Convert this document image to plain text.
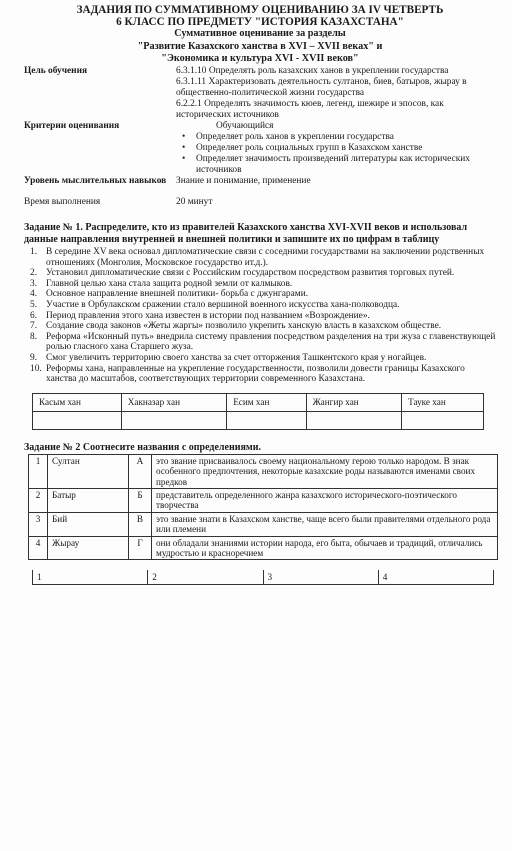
ЗАДАНИЯ ПО СУММАТИВНОМУ ОЦЕНИВАНИЮ ЗА IV ЧЕТВЕРТЬ
6 КЛАСС ПО ПРЕДМЕТУ "ИСТОРИЯ КАЗАХСТАНА"
Суммативное оценивание за разделы
"Развитие Казахского ханства в XVI – XVII веках" и
"Экономика и культура XVI - XVII веков"
Цель обучения	6.3.1.10 Определять роль казахских ханов в укреплении государства

6.3.1.11 Характеризовать деятельность султанов, биев, батыров, жырау в общественно-политической жизни государства

6.2.2.1 Определять значимость кюев, легенд, шежире и эпосов, как исторических источников

Критерии оценивания	Обучающийся

• Определяет роль ханов в укреплении государства
• Определяет роль социальных групп в Казахском ханстве
• Определяет значимость произведений литературы как исторических источников
Уровень мыслительных навыков	Знание и понимание, применение
Время выполнения	20 минут
Задание № 1. Распределите, кто из правителей Казахского ханства XVI-XVII веков и использовал данные направления внутренней и внешней политики и запишите их по цифрам в таблицу
1. В середине XV века основал дипломатические связи с соседними государствами на заключении родственных отношениях (Монголия, Московское государство ит.д.).
2. Установил дипломатические связи с Российским государством посредством развития торговых путей.
3. Главной целью хана стала защита родной земли от калмыков.
4. Основное направление внешней политики- борьба с джунгарами.
5. Участие в Орбулакском сражении стало вершиной военного искусства хана-полководца.
6. Период правления этого хана известен в истории под названием «Возрождение».
7. Создание свода законов «Жеты жаргы» позволило укрепить ханскую власть в казахском обществе.
8. Реформа «Исконный путь» внедрила систему правления посредством разделения на три жуза с главенствующей ролью гласного хана Старшего жуза.
9. Смог увеличить территорию своего ханства за счет отторжения Ташкентского края у ногайцев.
10. Реформы хана, направленные на укрепление государственности, позволили довести границы Казахского ханства до масштабов, соответствующих территории современного Казахстана.
Касым хан	Хакназар хан	Есим хан	Жангир хан	Тауке хан

Задание № 2 Соотнесите названия с определениями.
1	Султан	А	это звание присваивалось своему национальному герою только народом. В знак особенного предпочтения, некоторые казахские роды называются именами своих предков
2	Батыр	Б	представитель определенного жанра казахского исторического-поэтического творчества
3	Бий	В	это звание знати в Казахском ханстве, чаще всего были правителями отдельного рода или племени
4	Жырау	Г	они обладали знаниями истории народа, его быта, обычаев и традиций, отличались мудростью и красноречием
1	2	3	4
